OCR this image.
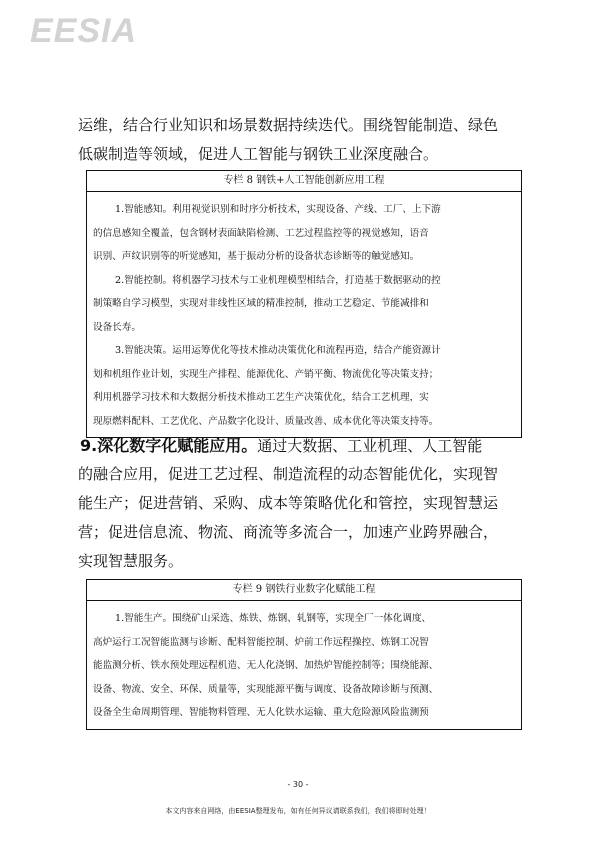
EESIA
运维，结合行业知识和场景数据持续迭代。围绕智能制造、绿色
低碳制造等领域，促进人工智能与钢铁工业深度融合。
专栏 8 钢铁+人工智能创新应用工程
1.智能感知。利用视觉识别和时序分析技术，实现设备、产线、工厂、上下游
的信息感知全覆盖，包含钢材表面缺陷检测、工艺过程监控等的视觉感知，语音
识别、声纹识别等的听觉感知，基于振动分析的设备状态诊断等的触觉感知。
2.智能控制。将机器学习技术与工业机理模型相结合，打造基于数据驱动的控
制策略自学习模型，实现对非线性区域的精准控制，推动工艺稳定、节能减排和
设备长寿。
3.智能决策。运用运筹优化等技术推动决策优化和流程再造，结合产能资源计
划和机组作业计划，实现生产排程、能源优化、产销平衡、物流优化等决策支持；
利用机器学习技术和大数据分析技术推动工艺生产决策优化，结合工艺机理，实
现原燃料配料、工艺优化、产品数字化设计、质量改善、成本优化等决策支持等。
9.深化数字化赋能应用。通过大数据、工业机理、人工智能
的融合应用，促进工艺过程、制造流程的动态智能优化，实现智
能生产；促进营销、采购、成本等策略优化和管控，实现智慧运
营；促进信息流、物流、商流等多流合一，加速产业跨界融合，
实现智慧服务。
专栏 9 钢铁行业数字化赋能工程
1.智能生产。围绕矿山采选、炼铁、炼钢、轧钢等，实现全厂一体化调度、
高炉运行工况智能监测与诊断、配料智能控制、炉前工作远程操控、炼钢工况智
能监测分析、铁水预处理远程机造、无人化浇钢、加热炉智能控制等；围绕能源、
设备、物流、安全、环保、质量等，实现能源平衡与调度、设备故障诊断与预测、
设备全生命周期管理、智能物料管理、无人化铁水运输、重大危险源风险监测预
- 30 -
本文内容来自网络，由EESIA整理发布，如有任何异议请联系我们，我们将即时处理！
